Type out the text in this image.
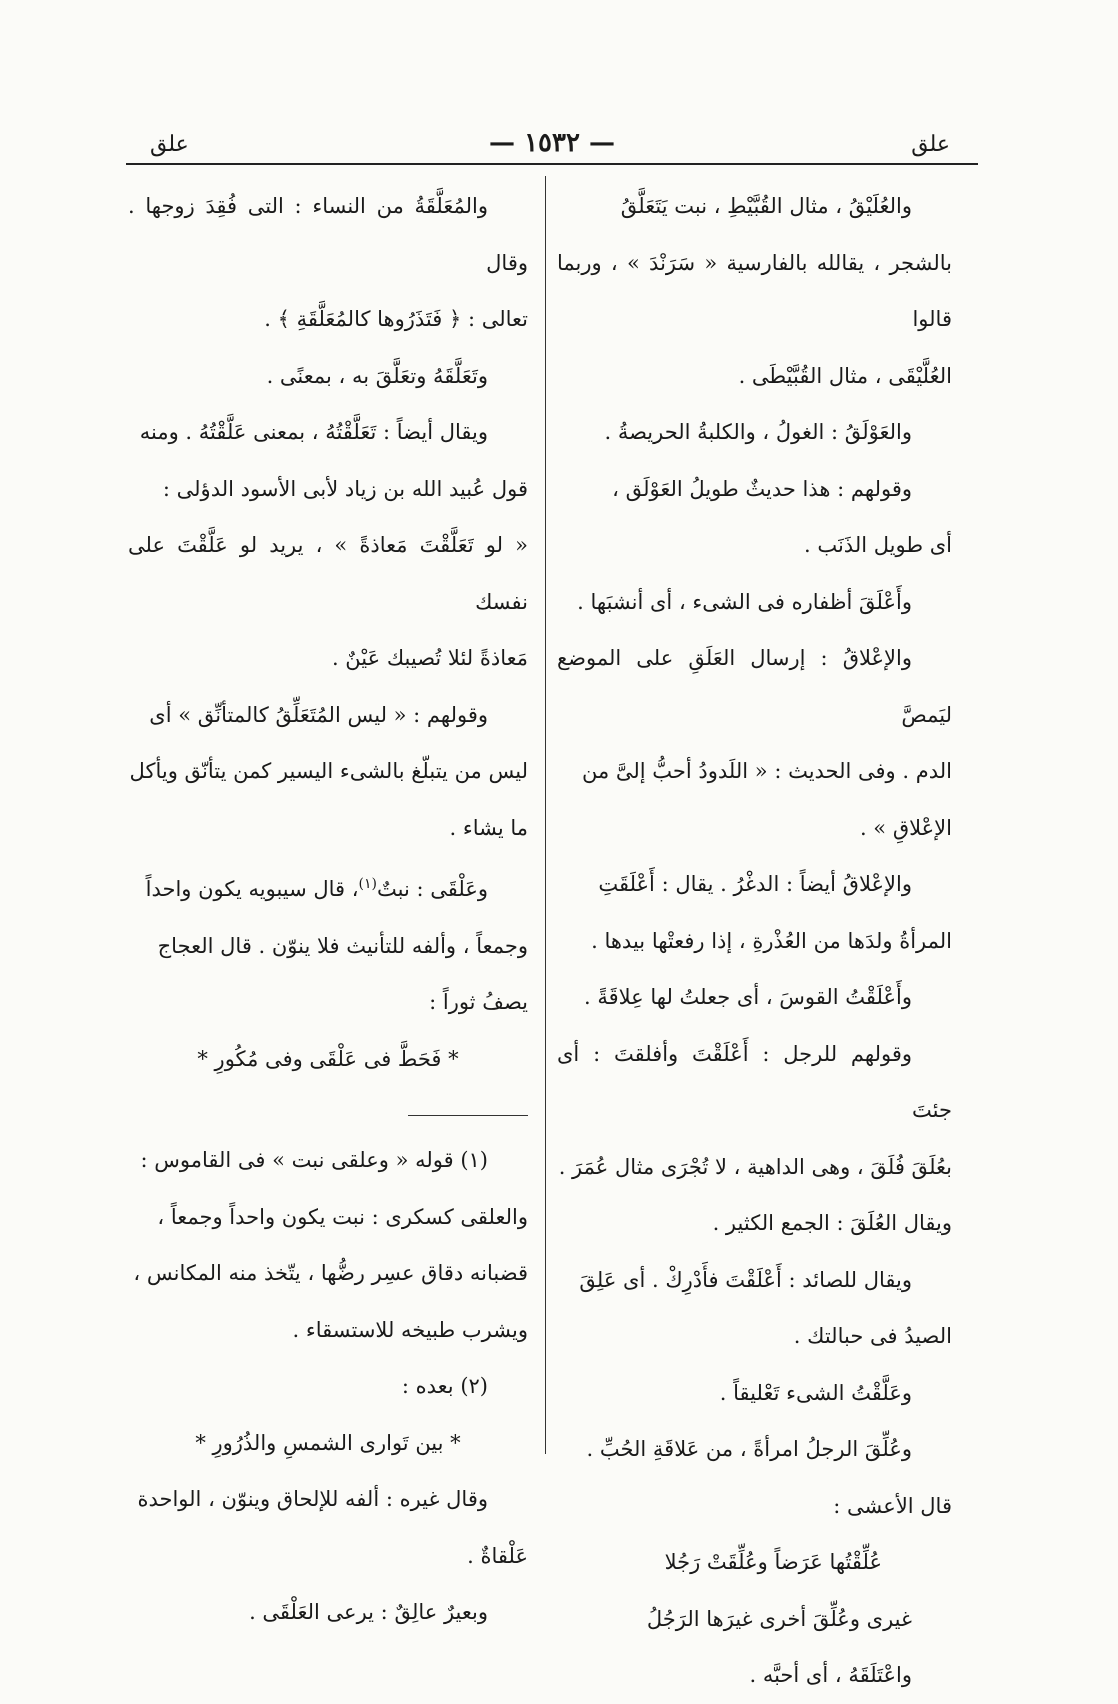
علق
— ١٥٣٢ —
علق

والعُلَيْقُ ، مثال القُبَّيْطِ ، نبت يَتَعَلَّقُ

بالشجر ، يقالله بالفارسية « سَرَنْدَ » ، وربما قالوا

العُلَّيْقَى ، مثال القُبَّيْطَى .

والعَوْلَقُ : الغولُ ، والكلبةُ الحريصةُ .

وقولهم : هذا حديثٌ طويلُ العَوْلَق ،

أى طويل الذَنَب .

وأَعْلَقَ أظفاره فى الشىء ، أى أنشبَها .

والإعْلاقُ : إرسال العَلَقِ على الموضع ليَمصَّ

الدم . وفى الحديث : « اللَدودُ أحبُّ إلىَّ من

الإعْلاقِ » .

والإعْلاقُ أيضاً : الدغْرُ . يقال : أَعْلَقَتِ

المرأةُ ولدَها من العُذْرةِ ، إذا رفعتْها بيدها .

وأَعْلَقْتُ القوسَ ، أى جعلتُ لها عِلاقَةً .

وقولهم للرجل : أَعْلَقْتَ وأفلقتَ : أى جئتَ

بعُلَقَ فُلَقَ ، وهى الداهية ، لا تُجْرَى مثال عُمَرَ .

ويقال العُلَقَ : الجمع الكثير .

ويقال للصائد : أَعْلَقْتَ فأَدْرِكْ . أى عَلِقَ

الصيدُ فى حبالتك .

وعَلَّقْتُ الشىء تَعْليقاً .

وعُلِّقَ الرجلُ امرأةً ، من عَلاقَةِ الحُبِّ .

قال الأعشى :

عُلِّقْتُها عَرَضاً وعُلِّقَتْ رَجُلا

غيرى وعُلِّقَ أخرى غيرَها الرَجُلُ

واعْتَلَقَهُ ، أى أحبَّه .

والمُعَلَّقَةُ من النساء : التى فُقِدَ زوجها . وقال

تعالى : ﴿ فَتَذَرُوها كالمُعَلَّقَةِ ﴾ .

وتَعَلَّقَهُ وتعَلَّقَ به ، بمعنًى .

ويقال أيضاً : تَعَلَّقْتُهُ ، بمعنى عَلَّقْتُهُ . ومنه

قول عُبيد الله بن زياد لأبى الأسود الدؤلى :

« لو تَعَلَّقْتَ مَعاذةً » ، يريد لو عَلَّقْتَ على نفسك

مَعاذةً لئلا تُصيبك عَيْنٌ .

وقولهم : « ليس المُتَعَلِّقُ كالمتأنِّق » أى

ليس من يتبلّغ بالشىء اليسير كمن يتأنّق ويأكل

ما يشاء .

وعَلْقَى : نبتٌ$^{(١)}$، قال سيبويه يكون واحداً

وجمعاً ، وألفه للتأنيث فلا ينوّن . قال العجاج

يصفُ ثوراً :

* فَحَطَّ فى عَلْقَى وفى مُكُورِ *

(١) قوله « وعلقى نبت » فى القاموس :

والعلقى كسكرى : نبت يكون واحداً وجمعاً ،

قضبانه دقاق عسِر رضُّها ، يتّخذ منه المكانس ،

ويشرب طبيخه للاستسقاء .

(٢) بعده :

* بين تَوارى الشمسِ والذُرُورِ *

وقال غيره : ألفه للإلحاق وينوّن ، الواحدة

عَلْقاةٌ .

وبعيرٌ عالِقٌ : يرعى العَلْقَى .
